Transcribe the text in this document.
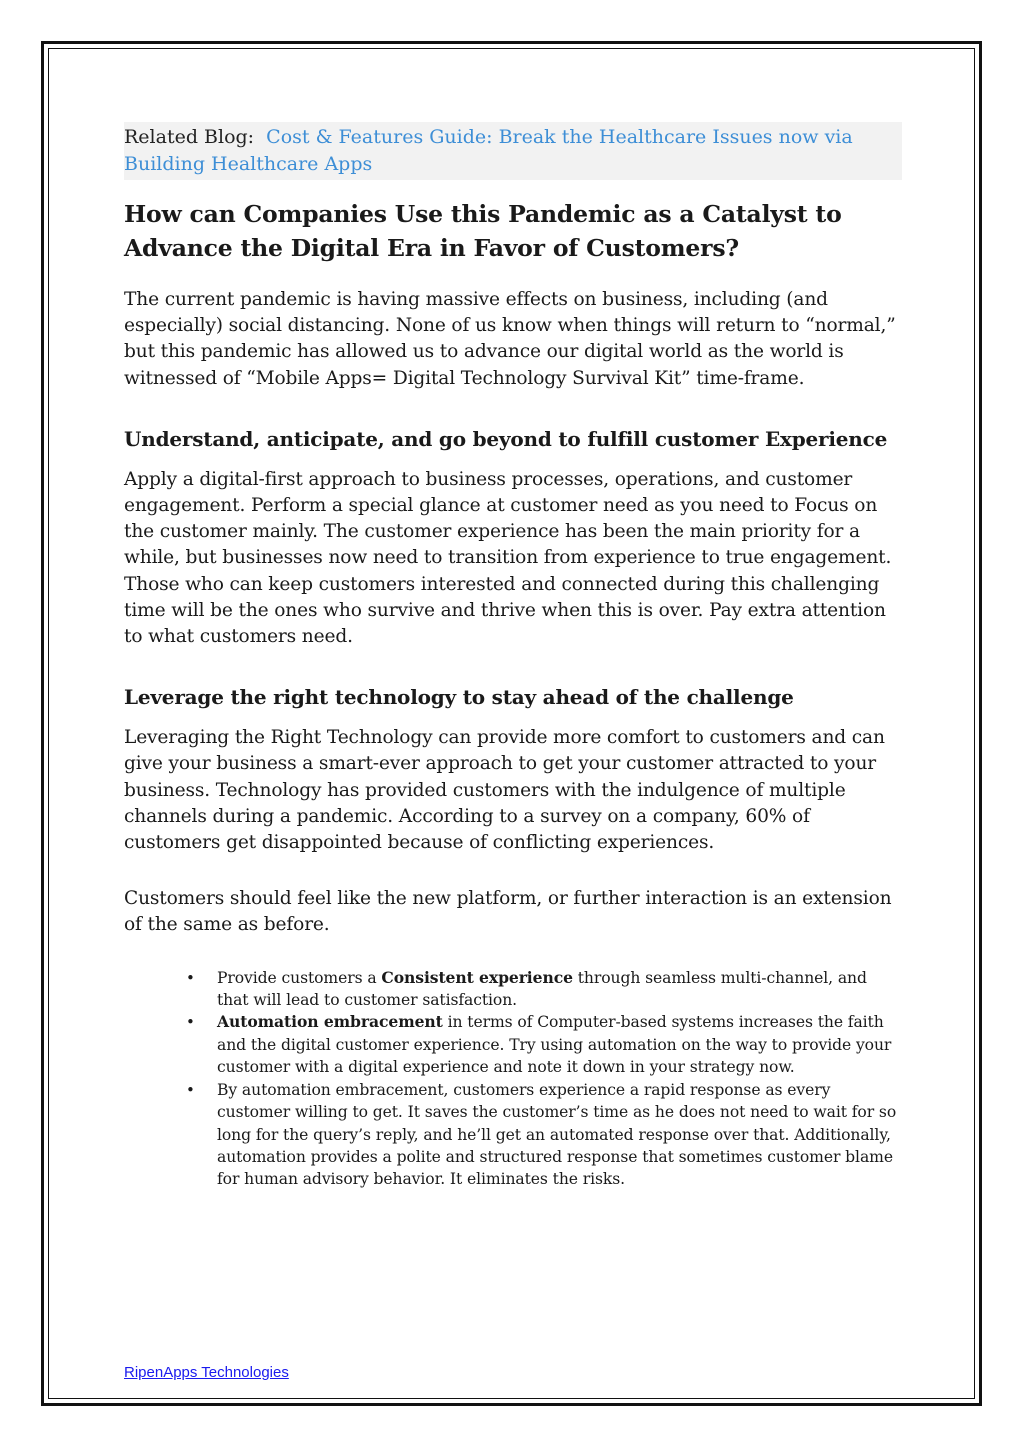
Related Blog: Cost & Features Guide: Break the Healthcare Issues now via Building Healthcare Apps
How can Companies Use this Pandemic as a Catalyst to Advance the Digital Era in Favor of Customers?

The current pandemic is having massive effects on business, including (and especially) social distancing. None of us know when things will return to “normal,” but this pandemic has allowed us to advance our digital world as the world is witnessed of “Mobile Apps= Digital Technology Survival Kit” time-frame.

Understand, anticipate, and go beyond to fulfill customer Experience

Apply a digital-first approach to business processes, operations, and customer engagement. Perform a special glance at customer need as you need to Focus on the customer mainly. The customer experience has been the main priority for a while, but businesses now need to transition from experience to true engagement. Those who can keep customers interested and connected during this challenging time will be the ones who survive and thrive when this is over. Pay extra attention to what customers need.

Leverage the right technology to stay ahead of the challenge

Leveraging the Right Technology can provide more comfort to customers and can give your business a smart-ever approach to get your customer attracted to your business. Technology has provided customers with the indulgence of multiple channels during a pandemic. According to a survey on a company, 60% of customers get disappointed because of conflicting experiences.

Customers should feel like the new platform, or further interaction is an extension of the same as before.

• Provide customers a Consistent experience through seamless multi-channel, and that will lead to customer satisfaction.
• Automation embracement in terms of Computer-based systems increases the faith and the digital customer experience. Try using automation on the way to provide your customer with a digital experience and note it down in your strategy now.
• By automation embracement, customers experience a rapid response as every customer willing to get. It saves the customer’s time as he does not need to wait for so long for the query’s reply, and he’ll get an automated response over that. Additionally, automation provides a polite and structured response that sometimes customer blame for human advisory behavior. It eliminates the risks.
RipenApps Technologies
